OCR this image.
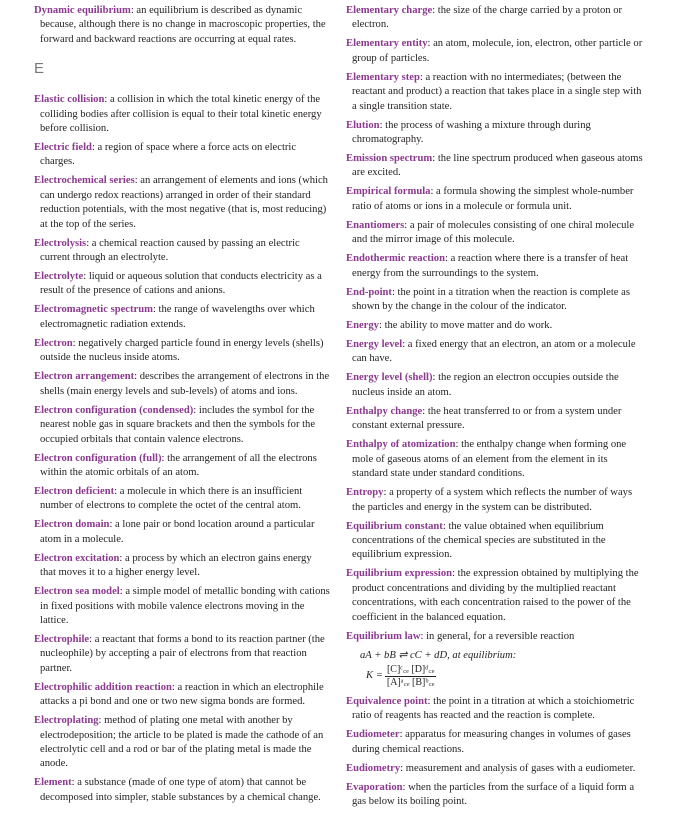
Dynamic equilibrium: an equilibrium is described as dynamic because, although there is no change in macroscopic properties, the forward and backward reactions are occurring at equal rates.

E

Elastic collision: a collision in which the total kinetic energy of the colliding bodies after collision is equal to their total kinetic energy before collision.

Electric field: a region of space where a force acts on electric charges.

Electrochemical series: an arrangement of elements and ions (which can undergo redox reactions) arranged in order of their standard reduction potentials, with the most negative (that is, most reducing) at the top of the series.

Electrolysis: a chemical reaction caused by passing an electric current through an electrolyte.

Electrolyte: liquid or aqueous solution that conducts electricity as a result of the presence of cations and anions.

Electromagnetic spectrum: the range of wavelengths over which electromagnetic radiation extends.

Electron: negatively charged particle found in energy levels (shells) outside the nucleus inside atoms.

Electron arrangement: describes the arrangement of electrons in the shells (main energy levels and sub-levels) of atoms and ions.

Electron configuration (condensed): includes the symbol for the nearest noble gas in square brackets and then the symbols for the occupied orbitals that contain valence electrons.

Electron configuration (full): the arrangement of all the electrons within the atomic orbitals of an atom.

Electron deficient: a molecule in which there is an insufficient number of electrons to complete the octet of the central atom.

Electron domain: a lone pair or bond location around a particular atom in a molecule.

Electron excitation: a process by which an electron gains energy that moves it to a higher energy level.

Electron sea model: a simple model of metallic bonding with cations in fixed positions with mobile valence electrons moving in the lattice.

Electrophile: a reactant that forms a bond to its reaction partner (the nucleophile) by accepting a pair of electrons from that reaction partner.

Electrophilic addition reaction: a reaction in which an electrophile attacks a pi bond and one or two new sigma bonds are formed.

Electroplating: method of plating one metal with another by electrodeposition; the article to be plated is made the cathode of an electrolytic cell and a rod or bar of the plating metal is made the anode.

Element: a substance (made of one type of atom) that cannot be decomposed into simpler, stable substances by a chemical change.

Elementary charge: the size of the charge carried by a proton or electron.

Elementary entity: an atom, molecule, ion, electron, other particle or group of particles.

Elementary step: a reaction with no intermediates; (between the reactant and product) a reaction that takes place in a single step with a single transition state.

Elution: the process of washing a mixture through during chromatography.

Emission spectrum: the line spectrum produced when gaseous atoms are excited.

Empirical formula: a formula showing the simplest whole-number ratio of atoms or ions in a molecule or formula unit.

Enantiomers: a pair of molecules consisting of one chiral molecule and the mirror image of this molecule.

Endothermic reaction: a reaction where there is a transfer of heat energy from the surroundings to the system.

End-point: the point in a titration when the reaction is complete as shown by the change in the colour of the indicator.

Energy: the ability to move matter and do work.

Energy level: a fixed energy that an electron, an atom or a molecule can have.

Energy level (shell): the region an electron occupies outside the nucleus inside an atom.

Enthalpy change: the heat transferred to or from a system under constant external pressure.

Enthalpy of atomization: the enthalpy change when forming one mole of gaseous atoms of an element from the element in its standard state under standard conditions.

Entropy: a property of a system which reflects the number of ways the particles and energy in the system can be distributed.

Equilibrium constant: the value obtained when equilibrium concentrations of the chemical species are substituted in the equilibrium expression.

Equilibrium expression: the expression obtained by multiplying the product concentrations and dividing by the multiplied reactant concentrations, with each concentration raised to the power of the coefficient in the balanced equation.

Equilibrium law: in general, for a reversible reaction

aA + bB ⇌ cC + dD, at equilibrium:
$K = \frac{\text{[C]ᶜ꜀ₑ [D]ᵈ꜀ₑ}}{\text{[A]ᵃ꜀ₑ [B]ᵇ꜀ₑ}}$

Equivalence point: the point in a titration at which a stoichiometric ratio of reagents has reacted and the reaction is complete.

Eudiometer: apparatus for measuring changes in volumes of gases during chemical reactions.

Eudiometry: measurement and analysis of gases with a eudiometer.

Evaporation: when the particles from the surface of a liquid form a gas below its boiling point.
